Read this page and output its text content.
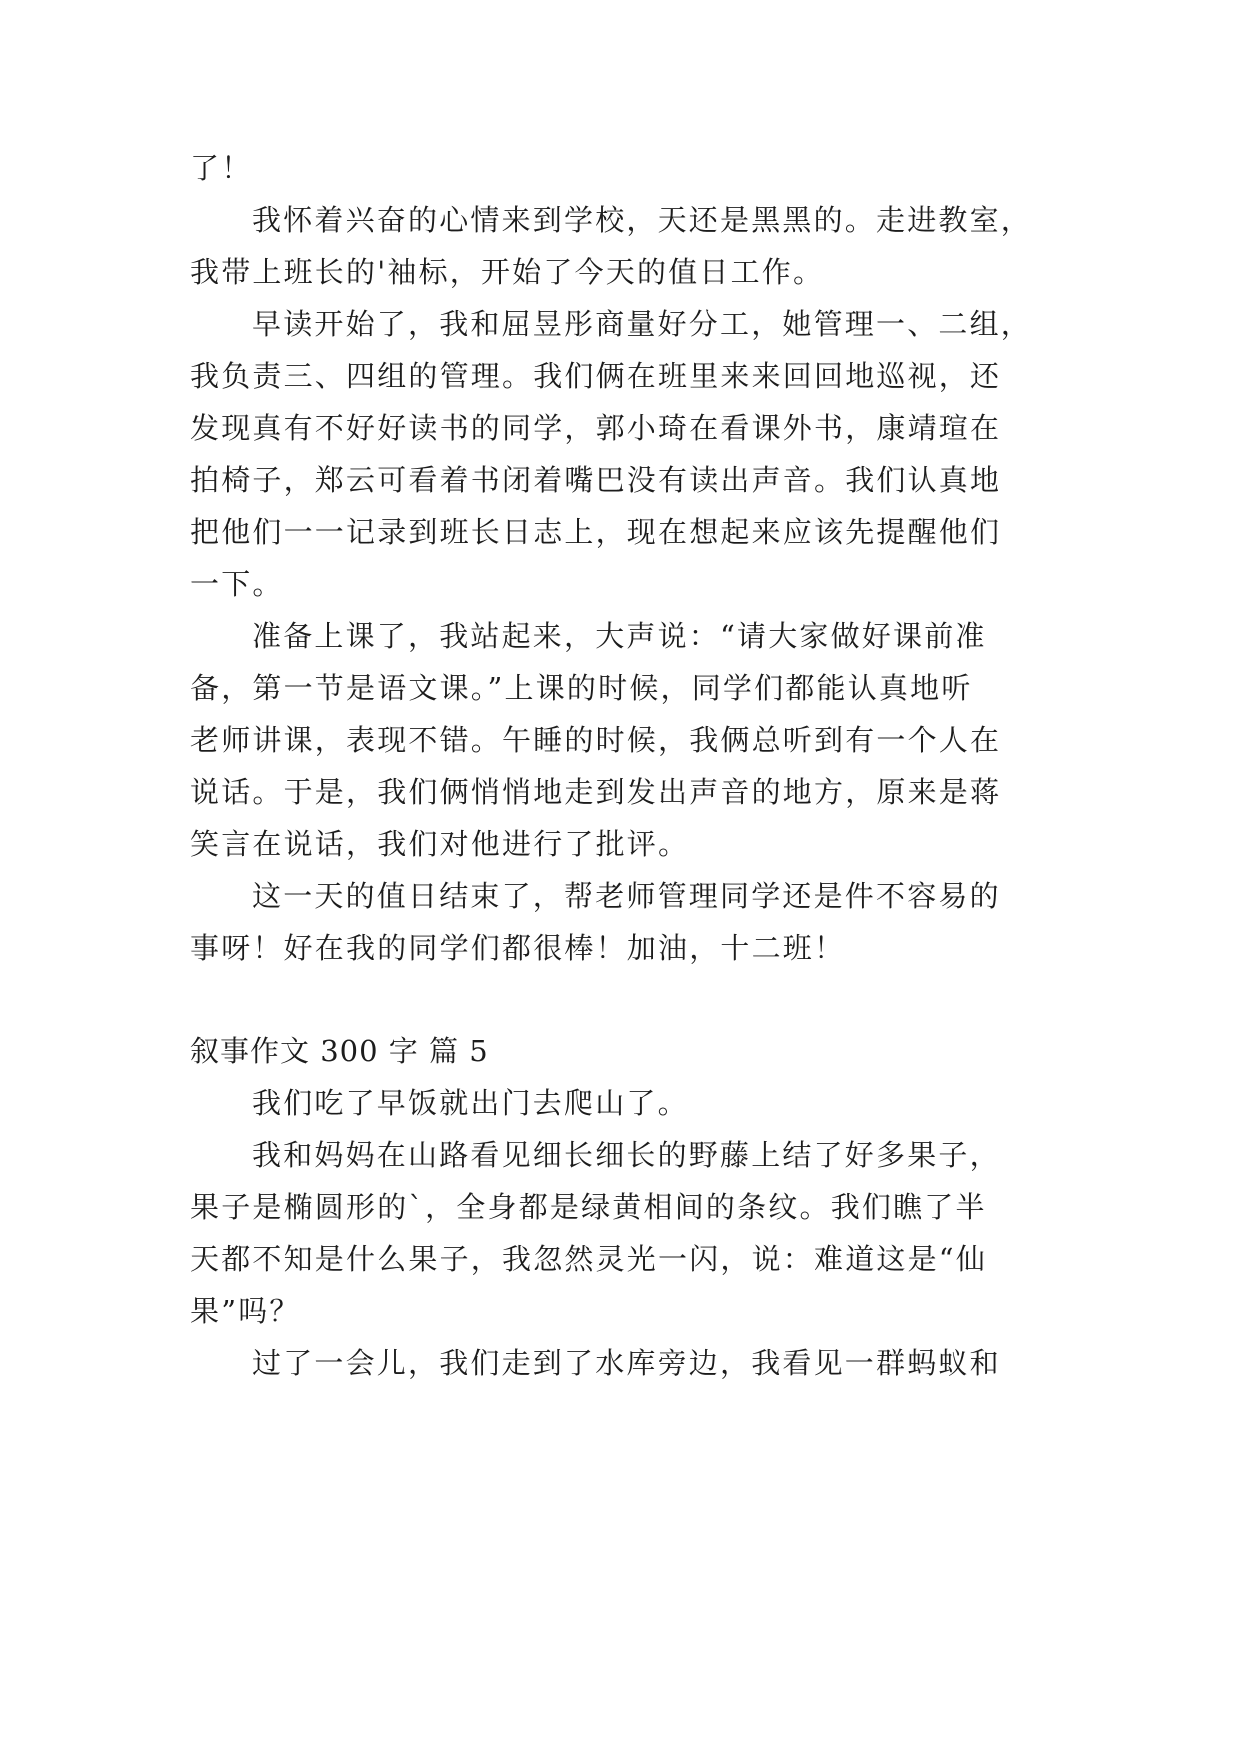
了！
我怀着兴奋的心情来到学校，天还是黑黑的。走进教室，
我带上班长的'袖标，开始了今天的值日工作。
早读开始了，我和屈昱彤商量好分工，她管理一、二组，
我负责三、四组的管理。我们俩在班里来来回回地巡视，还
发现真有不好好读书的同学，郭小琦在看课外书，康靖瑄在
拍椅子，郑云可看着书闭着嘴巴没有读出声音。我们认真地
把他们一一记录到班长日志上，现在想起来应该先提醒他们
一下。
准备上课了，我站起来，大声说：“请大家做好课前准
备，第一节是语文课。”上课的时候，同学们都能认真地听
老师讲课，表现不错。午睡的时候，我俩总听到有一个人在
说话。于是，我们俩悄悄地走到发出声音的地方，原来是蒋
笑言在说话，我们对他进行了批评。
这一天的值日结束了，帮老师管理同学还是件不容易的
事呀！好在我的同学们都很棒！加油，十二班！
叙事作文 300 字 篇 5
我们吃了早饭就出门去爬山了。
我和妈妈在山路看见细长细长的野藤上结了好多果子，
果子是椭圆形的`，全身都是绿黄相间的条纹。我们瞧了半
天都不知是什么果子，我忽然灵光一闪，说：难道这是“仙
果”吗？
过了一会儿，我们走到了水库旁边，我看见一群蚂蚁和
